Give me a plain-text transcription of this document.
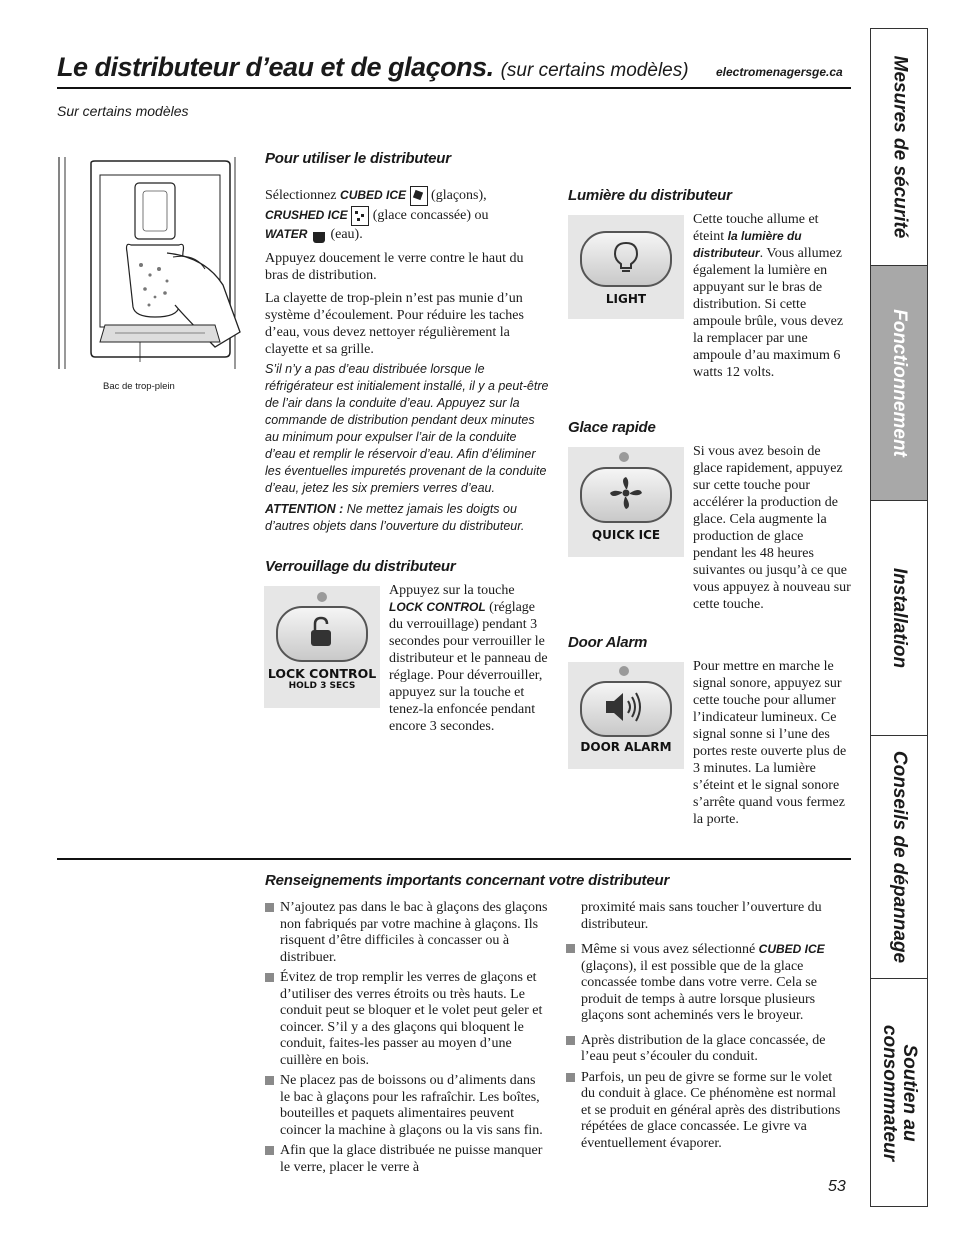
Le distributeur d’eau et de glaçons. (sur certains modèles) electromenagersge.ca
Sur certains modèles
Bac de trop-plein
Pour utiliser le distributeur

Sélectionnez CUBED ICE
(glaçons),
CRUSHED ICE
(glace concassée) ou
WATER
(eau).

Appuyez doucement le verre contre le haut du bras de distribution.

La clayette de trop-plein n’est pas munie d’un système d’écoulement. Pour réduire les taches d’eau, vous devez nettoyer régulièrement la clayette et sa grille.

S’il n’y a pas d’eau distribuée lorsque le réfrigérateur est initialement installé, il y a peut-être de l’air dans la conduite d’eau. Appuyez sur la commande de distribution pendant deux minutes au minimum pour expulser l’air de la conduite d’eau et remplir le réservoir d’eau. Afin d’éliminer les éventuelles impuretés provenant de la conduite d’eau, jetez les six premiers verres d’eau.

ATTENTION : Ne mettez jamais les doigts ou d’autres objets dans l’ouverture du distributeur.

Verrouillage du distributeur
LOCK CONTROL
HOLD 3 SECS

Appuyez sur la touche LOCK CONTROL (réglage du verrouillage) pendant 3 secondes pour verrouiller le distributeur et le panneau de réglage. Pour déverrouiller, appuyez sur la touche et tenez-la enfoncée pendant encore 3 secondes.

Lumière du distributeur
LIGHT

Cette touche allume et éteint la lumière du distributeur. Vous allumez également la lumière en appuyant sur le bras de distribution. Si cette ampoule brûle, vous devez la remplacer par une ampoule d’au maximum 6 watts 12 volts.

Glace rapide
QUICK ICE

Si vous avez besoin de glace rapidement, appuyez sur cette touche pour accélérer la production de glace. Cela augmente la production de glace pendant les 48 heures suivantes ou jusqu’à ce que vous appuyez à nouveau sur cette touche.

Door Alarm
DOOR ALARM

Pour mettre en marche le signal sonore, appuyez sur cette touche pour allumer l’indicateur lumineux. Ce signal sonne si l’une des portes reste ouverte plus de 3 minutes. La lumière s’éteint et le signal sonore s’arrête quand vous fermez la porte.

Renseignements importants concernant votre distributeur

N’ajoutez pas dans le bac à glaçons des glaçons non fabriqués par votre machine à glaçons. Ils risquent d’être difficiles à concasser ou à distribuer.

Évitez de trop remplir les verres de glaçons et d’utiliser des verres étroits ou très hauts. Le conduit peut se bloquer et le volet peut geler et coincer. S’il y a des glaçons qui bloquent le conduit, faites-les passer au moyen d’une cuillère en bois.

Ne placez pas de boissons ou d’aliments dans le bac à glaçons pour les rafraîchir. Les boîtes, bouteilles et paquets alimentaires peuvent coincer la machine à glaçons ou la vis sans fin.

Afin que la glace distribuée ne puisse manquer le verre, placer le verre à

proximité mais sans toucher l’ouverture du distributeur.

Même si vous avez sélectionné CUBED ICE (glaçons), il est possible que de la glace concassée tombe dans votre verre. Cela se produit de temps à autre lorsque plusieurs glaçons sont acheminés vers le broyeur.

Après distribution de la glace concassée, de l’eau peut s’écouler du conduit.

Parfois, un peu de givre se forme sur le volet du conduit à glace. Ce phénomène est normal et se produit en général après des distributions répétées de glace concassée. Le givre va éventuellement évaporer.

53
Mesures de sécurité
Fonctionnement
Installation
Conseils de dépannage
Soutien au
consommateur
